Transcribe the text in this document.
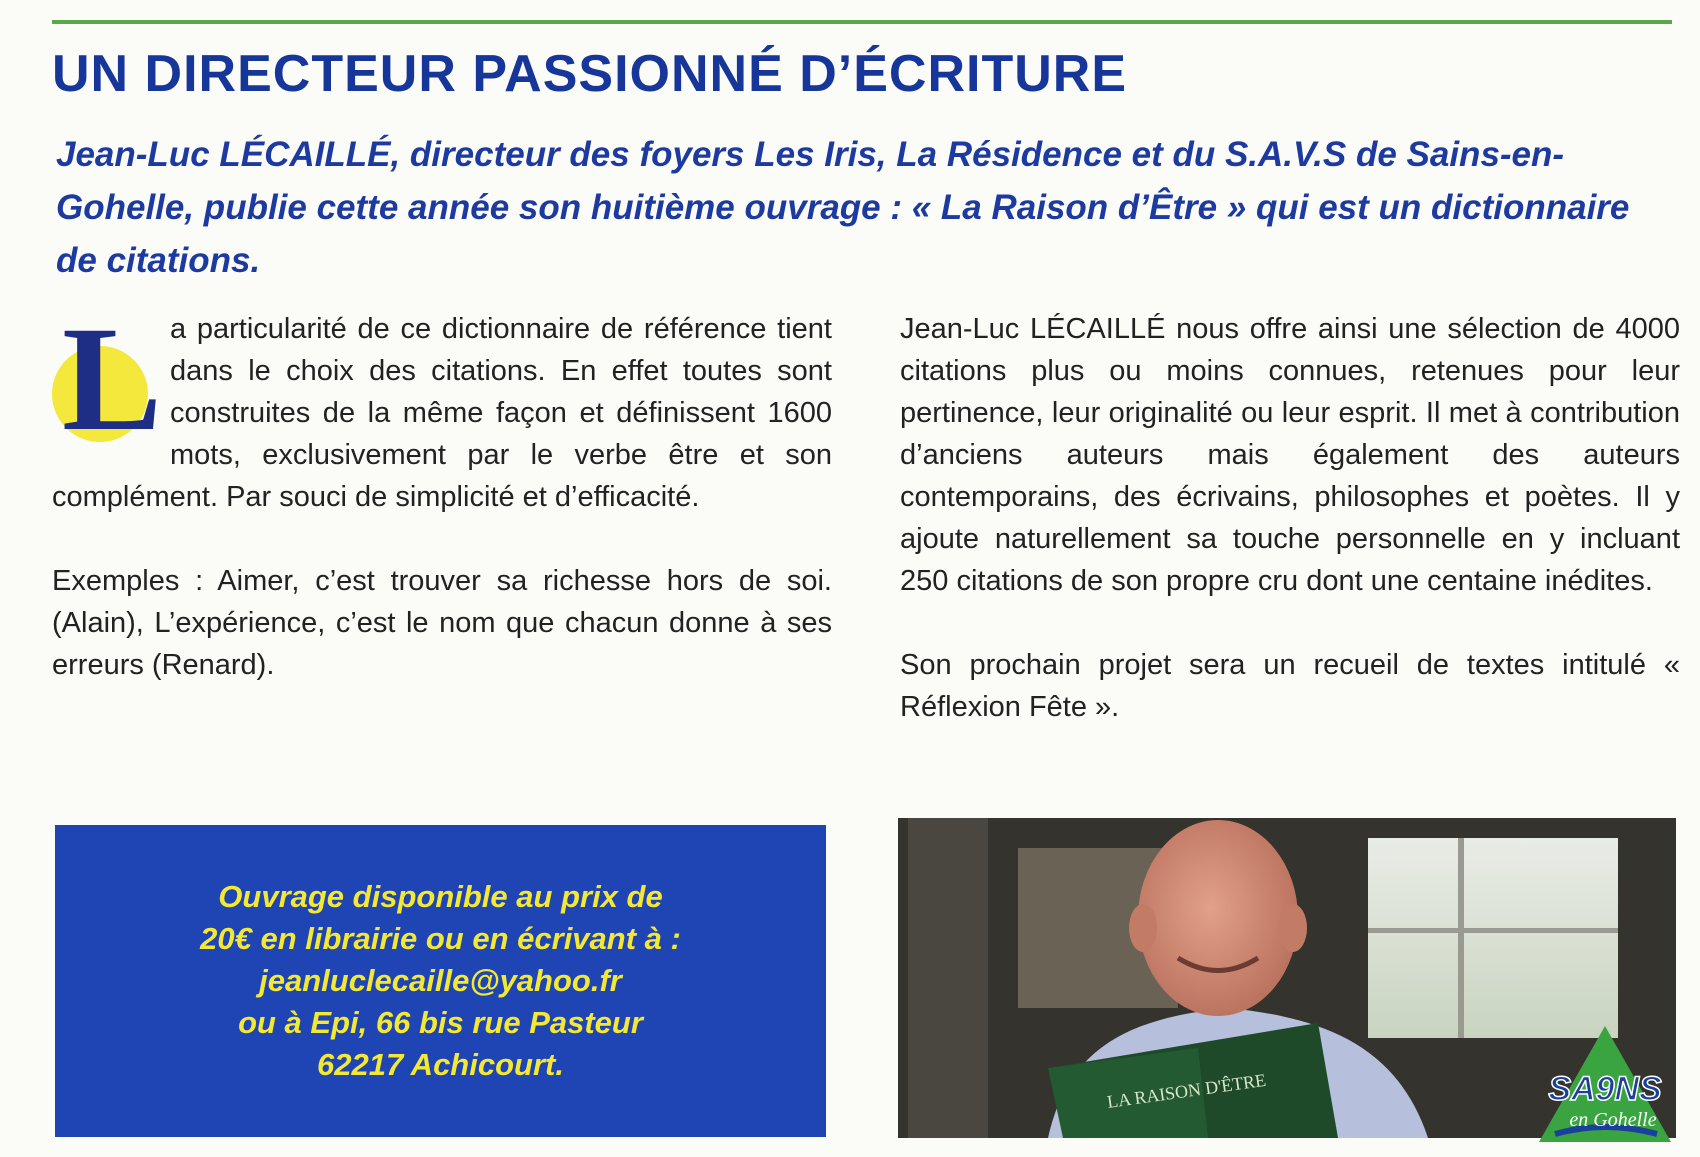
UN DIRECTEUR PASSIONNÉ D’ÉCRITURE

Jean-Luc LÉCAILLÉ, directeur des foyers Les Iris, La Résidence et du S.A.V.S de Sains-en-Gohelle, publie cette année son huitième ouvrage : « La Raison d’Être » qui est un dictionnaire de citations.

L a particularité de ce dictionnaire de référence tient dans le choix des citations. En effet toutes sont construites de la même façon et définissent 1600 mots, exclusivement par le verbe être et son complément. Par souci de simplicité et d’efficacité.

Exemples : Aimer, c’est trouver sa richesse hors de soi. (Alain), L’expérience, c’est le nom que chacun donne à ses erreurs (Renard).

Jean-Luc LÉCAILLÉ nous offre ainsi une sélection de 4000 citations plus ou moins connues, retenues pour leur pertinence, leur originalité ou leur esprit. Il met à contribution d’anciens auteurs mais également des auteurs contemporains, des écrivains, philosophes et poètes. Il y ajoute naturellement sa touche personnelle en y incluant 250 citations de son propre cru dont une centaine inédites.

Son prochain projet sera un recueil de textes intitulé « Réflexion Fête ».

Ouvrage disponible au prix de
20€ en librairie ou en écrivant à :
jeanluclecaille@yahoo.fr
ou à Epi, 66 bis rue Pasteur
62217 Achicourt.
LA RAISON D'ÊTRE	SA9NS
en Gohelle
